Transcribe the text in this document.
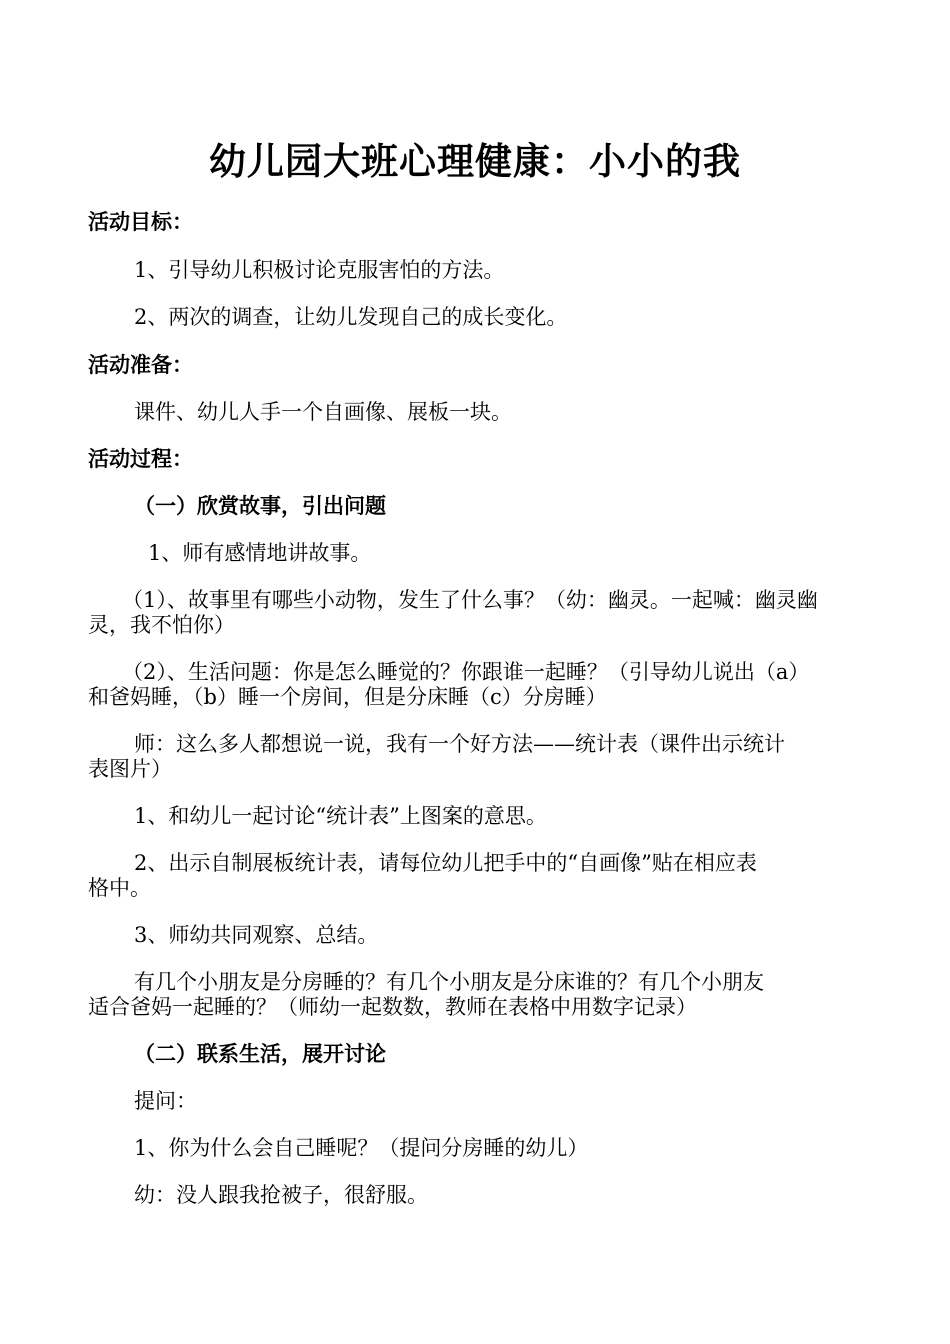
幼儿园大班心理健康：小小的我
活动目标：
1、引导幼儿积极讨论克服害怕的方法。
2、两次的调查，让幼儿发现自己的成长变化。
活动准备：
课件、幼儿人手一个自画像、展板一块。
活动过程：
（一）欣赏故事，引出问题
1、师有感情地讲故事。
（1）、故事里有哪些小动物，发生了什么事？（幼：幽灵。一起喊：幽灵幽
灵，我不怕你）
（2）、生活问题：你是怎么睡觉的？你跟谁一起睡？（引导幼儿说出（a）
和爸妈睡，（b）睡一个房间，但是分床睡（c）分房睡）
师：这么多人都想说一说，我有一个好方法——统计表（课件出示统计
表图片）
1、和幼儿一起讨论“统计表”上图案的意思。
2、出示自制展板统计表，请每位幼儿把手中的“自画像”贴在相应表
格中。
3、师幼共同观察、总结。
有几个小朋友是分房睡的？有几个小朋友是分床谁的？有几个小朋友
适合爸妈一起睡的？（师幼一起数数，教师在表格中用数字记录）
（二）联系生活，展开讨论
提问：
1、你为什么会自己睡呢？（提问分房睡的幼儿）
幼：没人跟我抢被子，很舒服。
